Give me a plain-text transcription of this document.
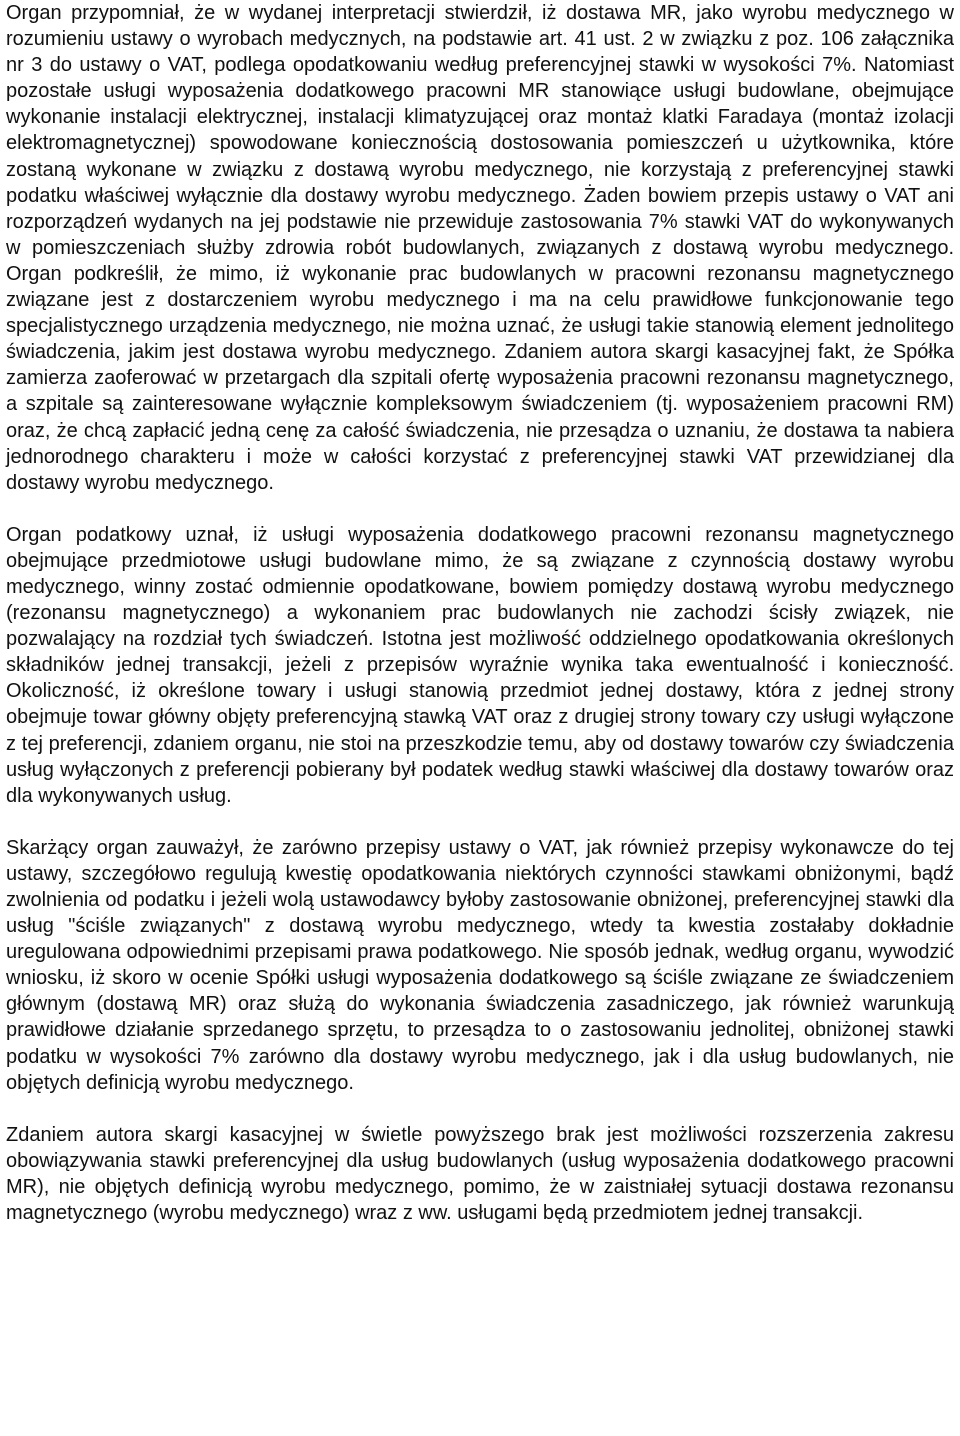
Organ przypomniał, że w wydanej interpretacji stwierdził, iż dostawa MR, jako wyrobu medycznego w rozumieniu ustawy o wyrobach medycznych, na podstawie art. 41 ust. 2 w związku z poz. 106 załącznika nr 3 do ustawy o VAT, podlega opodatkowaniu według preferencyjnej stawki w wysokości 7%. Natomiast pozostałe usługi wyposażenia dodatkowego pracowni MR stanowiące usługi budowlane, obejmujące wykonanie instalacji elektrycznej, instalacji klimatyzującej oraz montaż klatki Faradaya (montaż izolacji elektromagnetycznej) spowodowane koniecznością dostosowania pomieszczeń u użytkownika, które zostaną wykonane w związku z dostawą wyrobu medycznego, nie korzystają z preferencyjnej stawki podatku właściwej wyłącznie dla dostawy wyrobu medycznego. Żaden bowiem przepis ustawy o VAT ani rozporządzeń wydanych na jej podstawie nie przewiduje zastosowania 7% stawki VAT do wykonywanych w pomieszczeniach służby zdrowia robót budowlanych, związanych z dostawą wyrobu medycznego. Organ podkreślił, że mimo, iż wykonanie prac budowlanych w pracowni rezonansu magnetycznego związane jest z dostarczeniem wyrobu medycznego i ma na celu prawidłowe funkcjonowanie tego specjalistycznego urządzenia medycznego, nie można uznać, że usługi takie stanowią element jednolitego świadczenia, jakim jest dostawa wyrobu medycznego. Zdaniem autora skargi kasacyjnej fakt, że Spółka zamierza zaoferować w przetargach dla szpitali ofertę wyposażenia pracowni rezonansu magnetycznego, a szpitale są zainteresowane wyłącznie kompleksowym świadczeniem (tj. wyposażeniem pracowni RM) oraz, że chcą zapłacić jedną cenę za całość świadczenia, nie przesądza o uznaniu, że dostawa ta nabiera jednorodnego charakteru i może w całości korzystać z preferencyjnej stawki VAT przewidzianej dla dostawy wyrobu medycznego.

Organ podatkowy uznał, iż usługi wyposażenia dodatkowego pracowni rezonansu magnetycznego obejmujące przedmiotowe usługi budowlane mimo, że są związane z czynnością dostawy wyrobu medycznego, winny zostać odmiennie opodatkowane, bowiem pomiędzy dostawą wyrobu medycznego (rezonansu magnetycznego) a wykonaniem prac budowlanych nie zachodzi ścisły związek, nie pozwalający na rozdział tych świadczeń. Istotna jest możliwość oddzielnego opodatkowania określonych składników jednej transakcji, jeżeli z przepisów wyraźnie wynika taka ewentualność i konieczność. Okoliczność, iż określone towary i usługi stanowią przedmiot jednej dostawy, która z jednej strony obejmuje towar główny objęty preferencyjną stawką VAT oraz z drugiej strony towary czy usługi wyłączone z tej preferencji, zdaniem organu, nie stoi na przeszkodzie temu, aby od dostawy towarów czy świadczenia usług wyłączonych z preferencji pobierany był podatek według stawki właściwej dla dostawy towarów oraz dla wykonywanych usług.

Skarżący organ zauważył, że zarówno przepisy ustawy o VAT, jak również przepisy wykonawcze do tej ustawy, szczegółowo regulują kwestię opodatkowania niektórych czynności stawkami obniżonymi, bądź zwolnienia od podatku i jeżeli wolą ustawodawcy byłoby zastosowanie obniżonej, preferencyjnej stawki dla usług "ściśle związanych" z dostawą wyrobu medycznego, wtedy ta kwestia zostałaby dokładnie uregulowana odpowiednimi przepisami prawa podatkowego. Nie sposób jednak, według organu, wywodzić wniosku, iż skoro w ocenie Spółki usługi wyposażenia dodatkowego są ściśle związane ze świadczeniem głównym (dostawą MR) oraz służą do wykonania świadczenia zasadniczego, jak również warunkują prawidłowe działanie sprzedanego sprzętu, to przesądza to o zastosowaniu jednolitej, obniżonej stawki podatku w wysokości 7% zarówno dla dostawy wyrobu medycznego, jak i dla usług budowlanych, nie objętych definicją wyrobu medycznego.

Zdaniem autora skargi kasacyjnej w świetle powyższego brak jest możliwości rozszerzenia zakresu obowiązywania stawki preferencyjnej dla usług budowlanych (usług wyposażenia dodatkowego pracowni MR), nie objętych definicją wyrobu medycznego, pomimo, że w zaistniałej sytuacji dostawa rezonansu magnetycznego (wyrobu medycznego) wraz z ww. usługami będą przedmiotem jednej transakcji.
